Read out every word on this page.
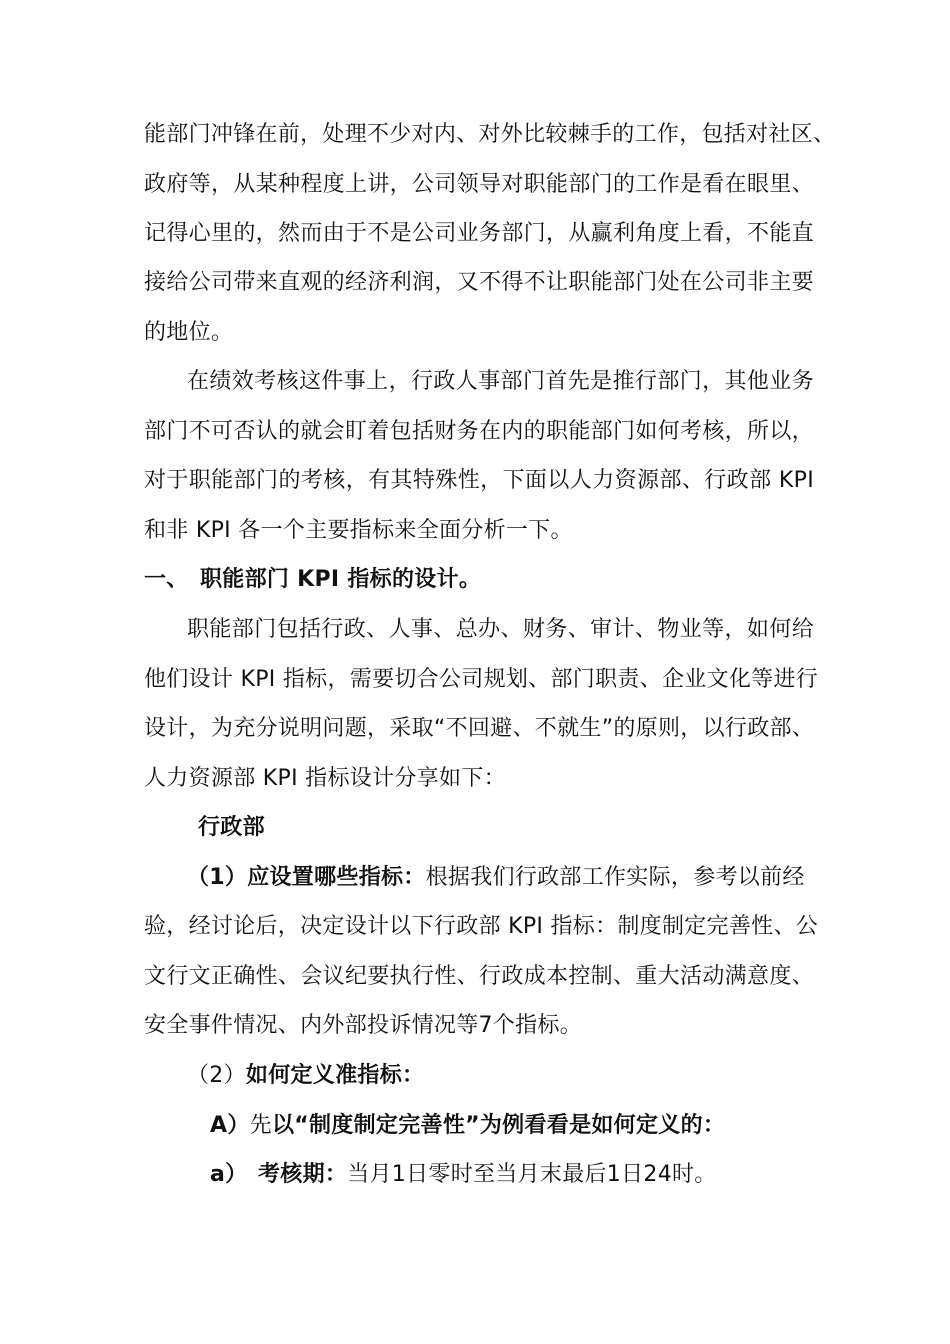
能部门冲锋在前，处理不少对内、对外比较棘手的工作，包括对社区、
政府等，从某种程度上讲，公司领导对职能部门的工作是看在眼里、
记得心里的，然而由于不是公司业务部门，从赢利角度上看，不能直
接给公司带来直观的经济利润，又不得不让职能部门处在公司非主要
的地位。
在绩效考核这件事上，行政人事部门首先是推行部门，其他业务
部门不可否认的就会盯着包括财务在内的职能部门如何考核，所以，
对于职能部门的考核，有其特殊性，下面以人力资源部、行政部 KPI
和非 KPI 各一个主要指标来全面分析一下。
一、 职能部门 KPI 指标的设计。
职能部门包括行政、人事、总办、财务、审计、物业等，如何给
他们设计 KPI 指标，需要切合公司规划、部门职责、企业文化等进行
设计，为充分说明问题，采取“不回避、不就生”的原则，以行政部、
人力资源部 KPI 指标设计分享如下：
行政部
（1）应设置哪些指标：根据我们行政部工作实际，参考以前经
验，经讨论后，决定设计以下行政部 KPI 指标：制度制定完善性、公
文行文正确性、会议纪要执行性、行政成本控制、重大活动满意度、
安全事件情况、内外部投诉情况等7个指标。
（2）如何定义准指标：
A）先以“制度制定完善性”为例看看是如何定义的：
a） 考核期：当月1日零时至当月末最后1日24时。
